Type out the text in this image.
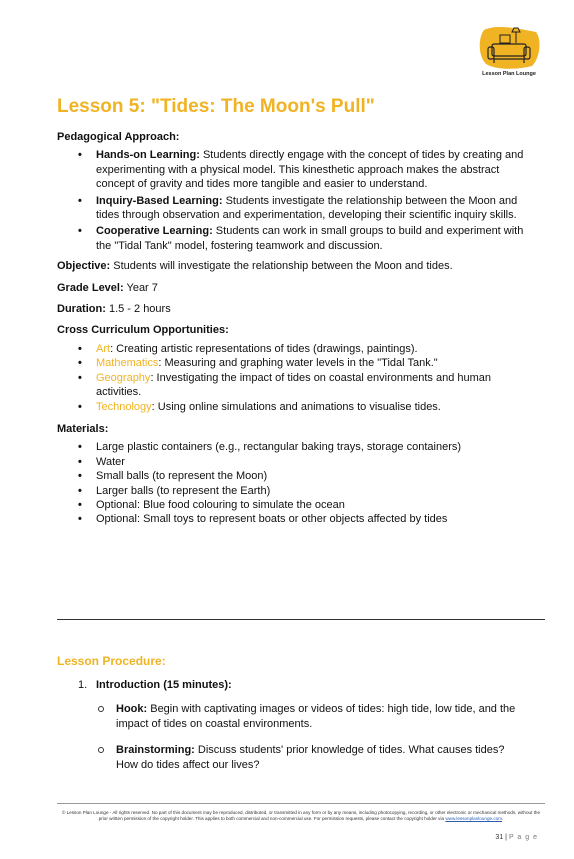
Lesson Plan Lounge
Lesson 5: "Tides: The Moon's Pull"
Pedagogical Approach:
• Hands-on Learning: Students directly engage with the concept of tides by creating and experimenting with a physical model. This kinesthetic approach makes the abstract concept of gravity and tides more tangible and easier to understand.
• Inquiry-Based Learning: Students investigate the relationship between the Moon and tides through observation and experimentation, developing their scientific inquiry skills.
• Cooperative Learning: Students can work in small groups to build and experiment with the "Tidal Tank" model, fostering teamwork and discussion.
Objective: Students will investigate the relationship between the Moon and tides.
Grade Level: Year 7
Duration: 1.5 - 2 hours
Cross Curriculum Opportunities:
• Art: Creating artistic representations of tides (drawings, paintings).
• Mathematics: Measuring and graphing water levels in the "Tidal Tank."
• Geography: Investigating the impact of tides on coastal environments and human activities.
• Technology: Using online simulations and animations to visualise tides.
Materials:
• Large plastic containers (e.g., rectangular baking trays, storage containers)
• Water
• Small balls (to represent the Moon)
• Larger balls (to represent the Earth)
• Optional: Blue food colouring to simulate the ocean
• Optional: Small toys to represent boats or other objects affected by tides
Lesson Procedure:
1. Introduction (15 minutes):
Hook: Begin with captivating images or videos of tides: high tide, low tide, and the impact of tides on coastal environments.
Brainstorming: Discuss students' prior knowledge of tides. What causes tides? How do tides affect our lives?
© Lesson Plan Lounge - All rights reserved. No part of this document may be reproduced, distributed, or transmitted in any form or by any means, including photocopying, recording, or other electronic or mechanical methods, without the prior written permission of the copyright holder. This applies to both commercial and non-commercial use. For permission requests, please contact the copyright holder via www.lessonplanlounge.com.
31 | P a g e
